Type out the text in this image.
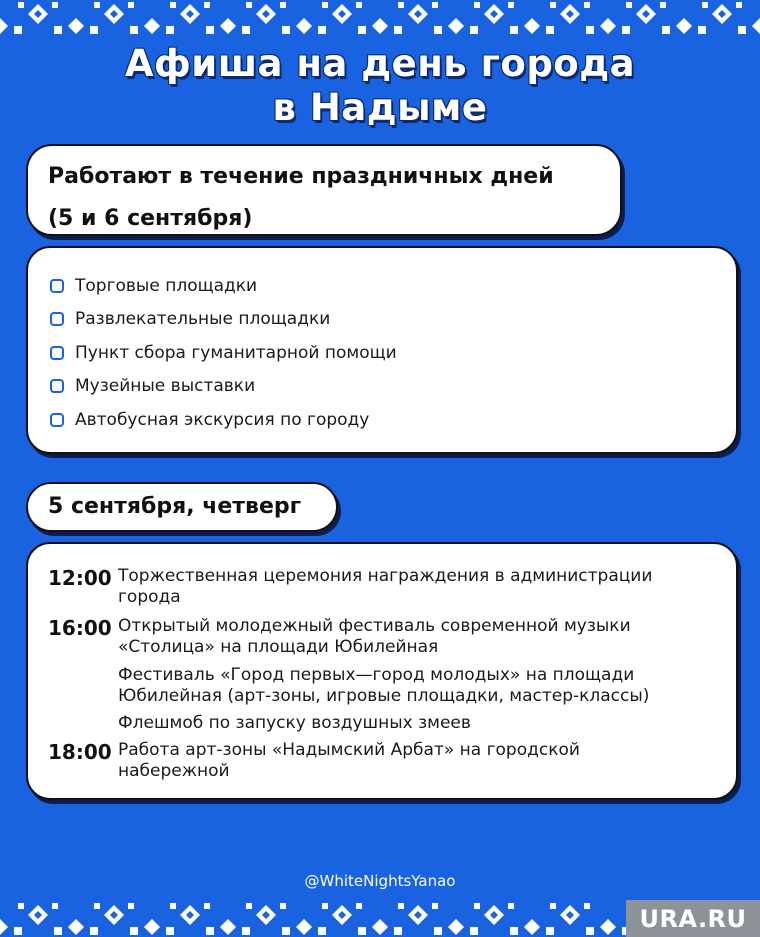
Афиша на день города
в Надыме
Работают в течение праздничных дней
(5 и 6 сентября)
Торговые площадки
Развлекательные площадки
Пункт сбора гуманитарной помощи
Музейные выставки
Автобусная экскурсия по городу
5 сентября, четверг
12:00 Торжественная церемония награждения в администрации
города
16:00 Открытый молодежный фестиваль современной музыки
«Столица» на площади Юбилейная
Фестиваль «Город первых—город молодых» на площади
Юбилейная (арт-зоны, игровые площадки, мастер-классы)
Флешмоб по запуску воздушных змеев
18:00 Работа арт-зоны «Надымский Арбат» на городской
набережной
@WhiteNightsYanao
URA.RU
